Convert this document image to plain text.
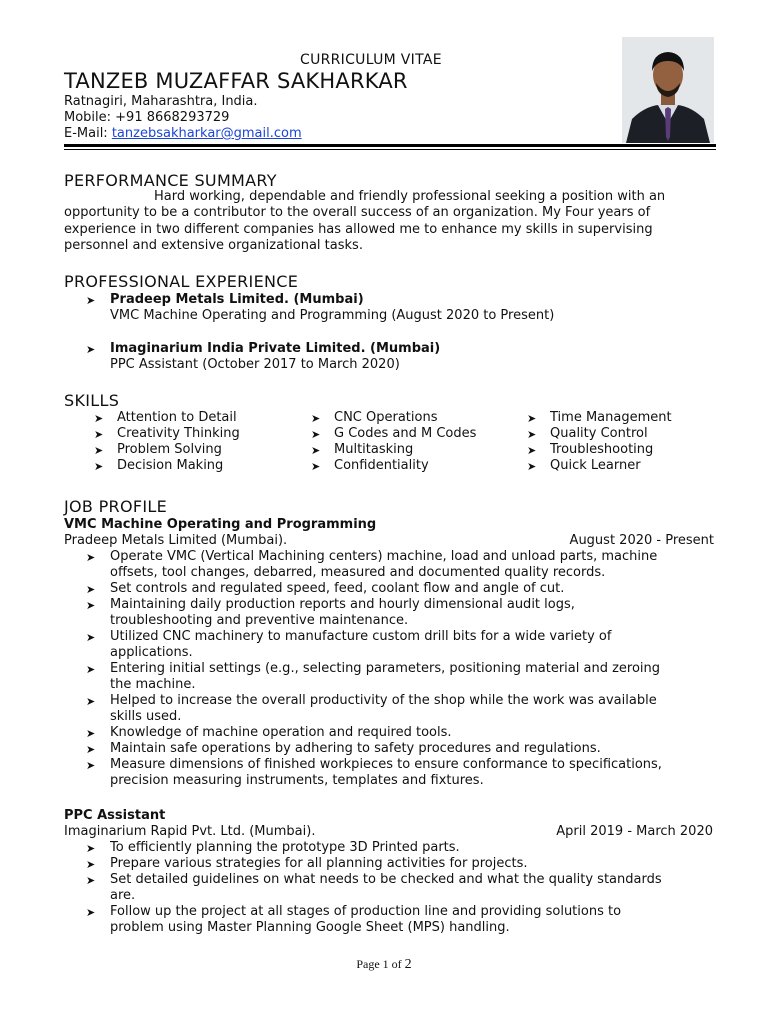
CURRICULUM VITAE
TANZEB MUZAFFAR SAKHARKAR
Ratnagiri, Maharashtra, India.
Mobile: +91 8668293729
E-Mail: tanzebsakharkar@gmail.com
PERFORMANCE SUMMARY
Hard working, dependable and friendly professional seeking a position with an
opportunity to be a contributor to the overall success of an organization. My Four years of
experience in two different companies has allowed me to enhance my skills in supervising
personnel and extensive organizational tasks.
PROFESSIONAL EXPERIENCE
➤ Pradeep Metals Limited. (Mumbai)
VMC Machine Operating and Programming (August 2020 to Present)
➤ Imaginarium India Private Limited. (Mumbai)
PPC Assistant (October 2017 to March 2020)
SKILLS
➤ Attention to Detail
➤ Creativity Thinking
➤ Problem Solving
➤ Decision Making
➤ CNC Operations
➤ G Codes and M Codes
➤ Multitasking
➤ Confidentiality
➤ Time Management
➤ Quality Control
➤ Troubleshooting
➤ Quick Learner
JOB PROFILE
VMC Machine Operating and Programming
Pradeep Metals Limited (Mumbai).	August 2020 - Present
➤ Operate VMC (Vertical Machining centers) machine, load and unload parts, machine
offsets, tool changes, debarred, measured and documented quality records.
➤ Set controls and regulated speed, feed, coolant flow and angle of cut.
➤ Maintaining daily production reports and hourly dimensional audit logs,
troubleshooting and preventive maintenance.
➤ Utilized CNC machinery to manufacture custom drill bits for a wide variety of
applications.
➤ Entering initial settings (e.g., selecting parameters, positioning material and zeroing
the machine.
➤ Helped to increase the overall productivity of the shop while the work was available
skills used.
➤ Knowledge of machine operation and required tools.
➤ Maintain safe operations by adhering to safety procedures and regulations.
➤ Measure dimensions of finished workpieces to ensure conformance to specifications,
precision measuring instruments, templates and fixtures.
PPC Assistant
Imaginarium Rapid Pvt. Ltd. (Mumbai).	April 2019 - March 2020
➤ To efficiently planning the prototype 3D Printed parts.
➤ Prepare various strategies for all planning activities for projects.
➤ Set detailed guidelines on what needs to be checked and what the quality standards
are.
➤ Follow up the project at all stages of production line and providing solutions to
problem using Master Planning Google Sheet (MPS) handling.
Page 1 of 2
